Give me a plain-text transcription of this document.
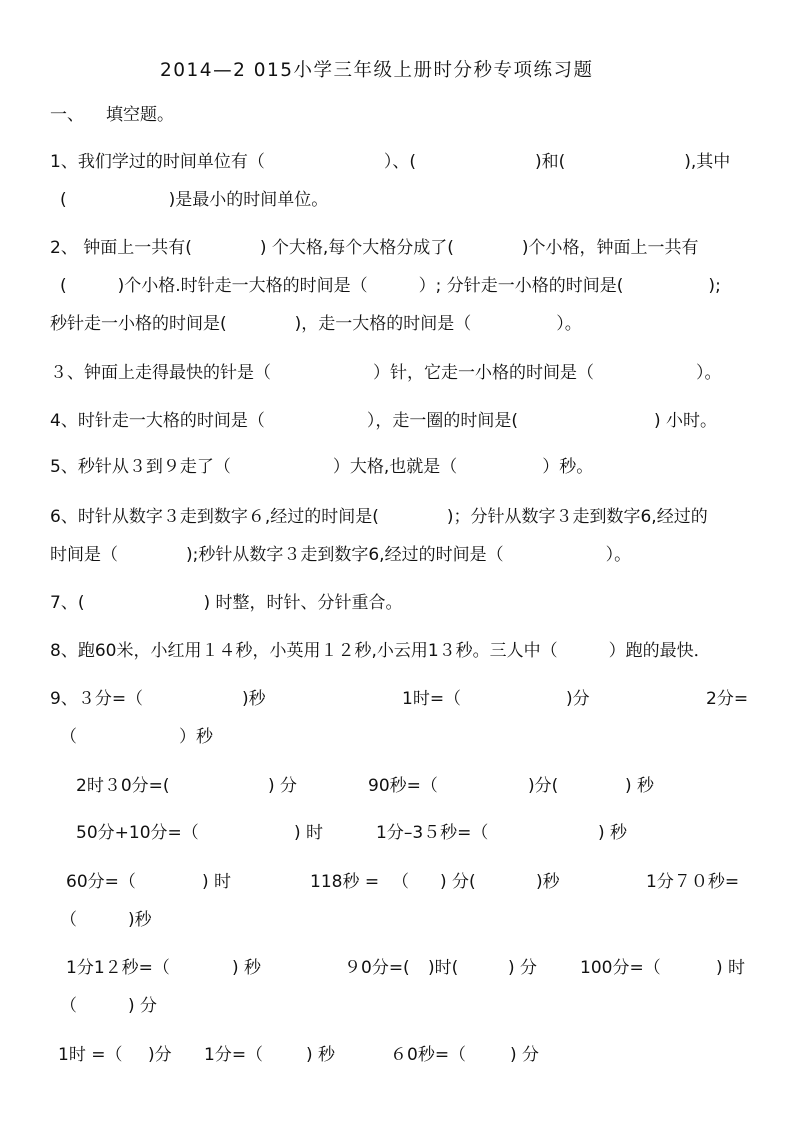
2014—2 015小学三年级上册时分秒专项练习题
一、 填空题。
1、我们学过的时间单位有（　　　　　　　）、(　　　　　　　)和(　　　　　　　),其中
(　　　　　　)是最小的时间单位。
2、 钟面上一共有(　　　　) 个大格,每个大格分成了(　　　　)个小格，钟面上一共有
(　　　)个小格.时针走一大格的时间是（　　　）; 分针走一小格的时间是(　　　　　);
秒针走一小格的时间是(　　　　)，走一大格的时间是（　　　　　）。
３、钟面上走得最快的针是（　　　　　　）针，它走一小格的时间是（　　　　　　）。
4、时针走一大格的时间是（　　　　　　），走一圈的时间是(　　　　　　　　) 小时。
5、秒针从３到９走了（　　　　　　）大格,也就是（　　　　　）秒。
6、时针从数字３走到数字６,经过的时间是(　　　　)；分针从数字３走到数字6,经过的
时间是（　　　　);秒针从数字３走到数字6,经过的时间是（　　　　　　）。
7、(　　　　　　　) 时整，时针、分针重合。
8、跑60米，小红用１４秒，小英用１２秒,小云用1３秒。三人中（　　　）跑的最快．
9、３分=（	)秒	1时=（	)分	2分=
（　　　　　　）秒
2时３0分=(	) 分	90秒=（	)分(	) 秒
50分+10分=（	) 时	1分–3５秒=（	) 秒
60分=（	) 时	118秒 = （ ) 分(	)秒	1分７０秒=
（　　　)秒
1分1２秒=（	) 秒	９0分=( )时(	) 分	100分=（	) 时
（　　　) 分
1时 =（ )分 1分=（	) 秒	６0秒=（	) 分
